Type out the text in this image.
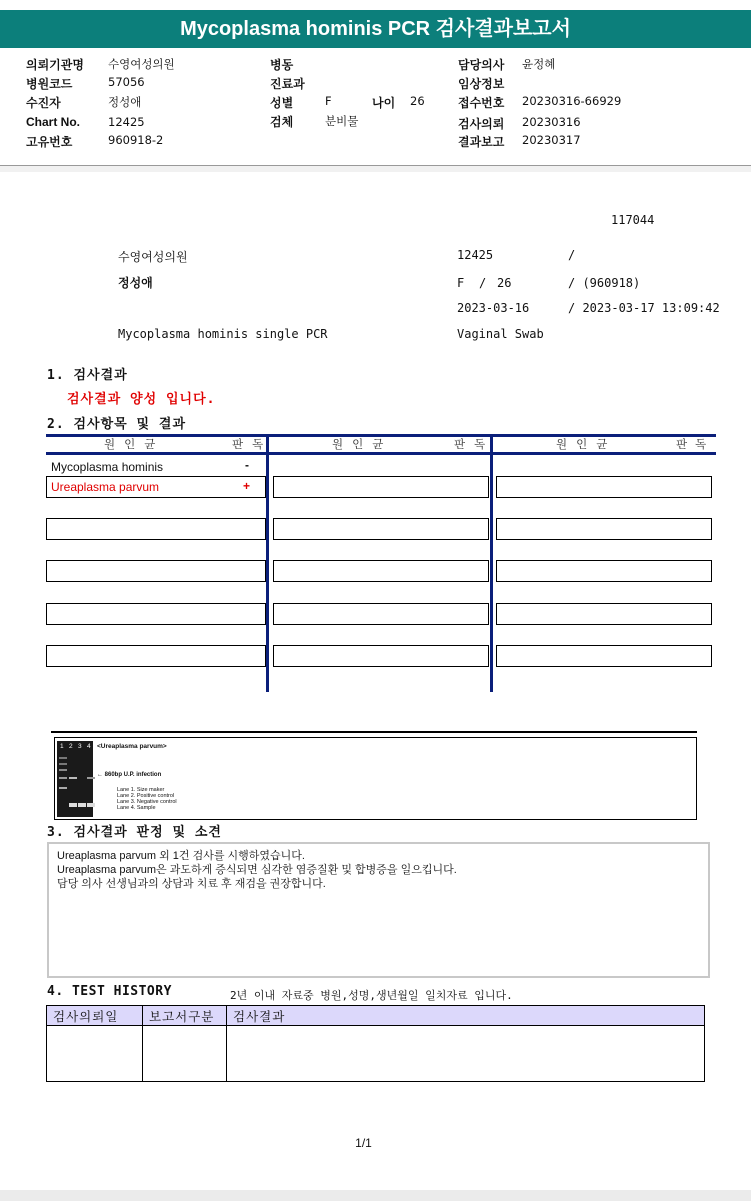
Mycoplasma hominis PCR 검사결과보고서
의뢰기관명 수영여성의원
병원코드	57056
수진자	정성애
Chart No. 12425
고유번호	960918-2
병동
진료과
성별	F	나이 26
검체	분비물
담당의사 윤정혜
임상정보
접수번호 20230316-66929
검사의뢰 20230316
결과보고 20230317
117044
수영여성의원	12425	/
정성애	F / 26	/ (960918)
2023-03-16	/ 2023-03-17 13:09:42
Mycoplasma hominis single PCR	Vaginal Swab
1. 검사결과
검사결과 양성 입니다.
2. 검사항목 및 결과
원인균	판독	원인균	판독	원인균	판독
Mycoplasma hominis	-
Ureaplasma parvum	+
1 2 3 4 <Ureaplasma parvum>
← 860bp U.P. infection
Lane 1. Size maker
Lane 2. Positive control
Lane 3. Negative control
Lane 4. Sample
3. 검사결과 판정 및 소견
Ureaplasma parvum 외 1건 검사를 시행하였습니다.
Ureaplasma parvum은 과도하게 증식되면 심각한 염증질환 및 합병증을 일으킵니다.
담당 의사 선생님과의 상담과 치료 후 재검을 권장합니다.
4. TEST HISTORY	2년 이내 자료중 병원,성명,생년월일 일치자료 입니다.
검사의뢰일	보고서구분	검사결과

1/1
